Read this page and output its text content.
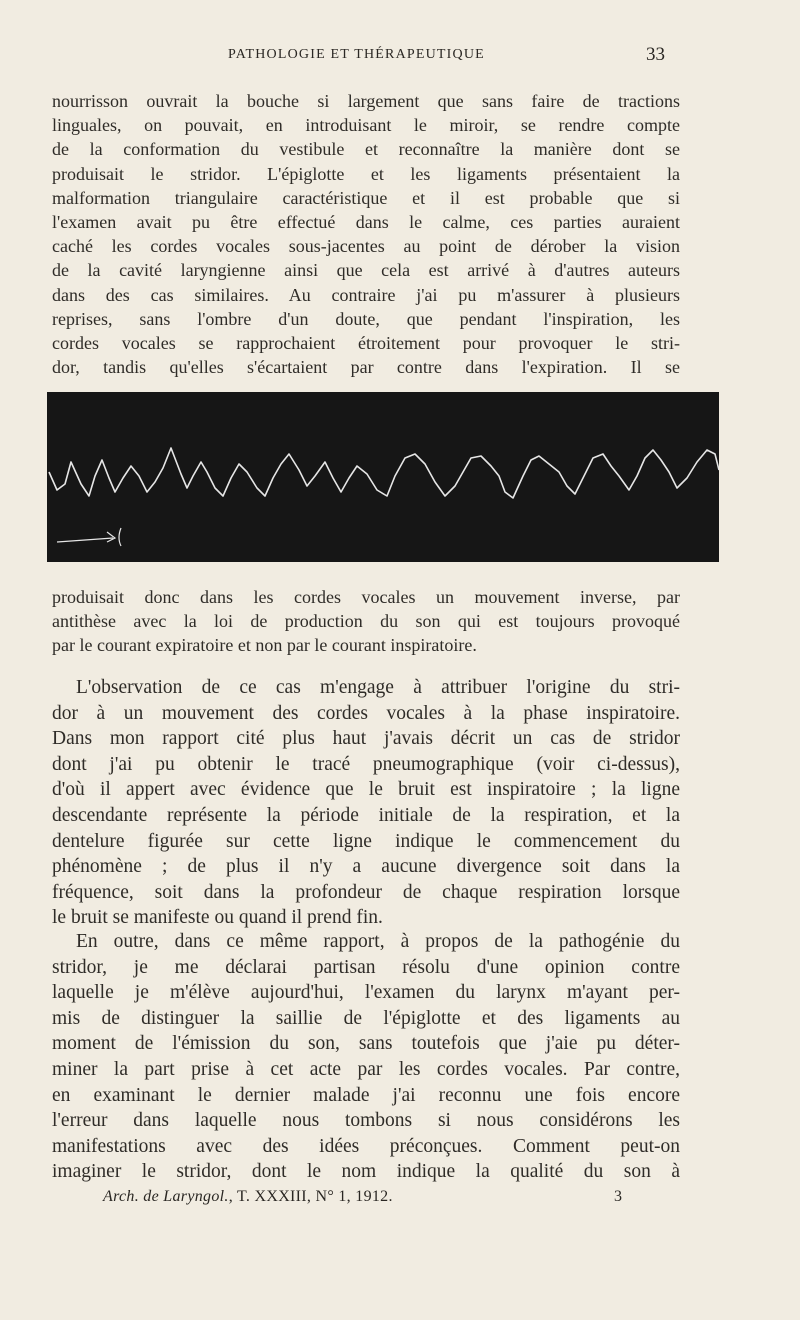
PATHOLOGIE ET THÉRAPEUTIQUE	33
nourrisson ouvrait la bouche si largement que sans faire de tractions
linguales, on pouvait, en introduisant le miroir, se rendre compte
de la conformation du vestibule et reconnaître la manière dont se
produisait le stridor. L'épiglotte et les ligaments présentaient la
malformation triangulaire caractéristique et il est probable que si
l'examen avait pu être effectué dans le calme, ces parties auraient
caché les cordes vocales sous-jacentes au point de dérober la vision
de la cavité laryngienne ainsi que cela est arrivé à d'autres auteurs
dans des cas similaires. Au contraire j'ai pu m'assurer à plusieurs
reprises, sans l'ombre d'un doute, que pendant l'inspiration, les
cordes vocales se rapprochaient étroitement pour provoquer le stri-
dor, tandis qu'elles s'écartaient par contre dans l'expiration. Il se
produisait donc dans les cordes vocales un mouvement inverse, par
antithèse avec la loi de production du son qui est toujours provoqué
par le courant expiratoire et non par le courant inspiratoire.
L'observation de ce cas m'engage à attribuer l'origine du stri-
dor à un mouvement des cordes vocales à la phase inspiratoire.
Dans mon rapport cité plus haut j'avais décrit un cas de stridor
dont j'ai pu obtenir le tracé pneumographique (voir ci-dessus),
d'où il appert avec évidence que le bruit est inspiratoire ; la ligne
descendante représente la période initiale de la respiration, et la
dentelure figurée sur cette ligne indique le commencement du
phénomène ; de plus il n'y a aucune divergence soit dans la
fréquence, soit dans la profondeur de chaque respiration lorsque
le bruit se manifeste ou quand il prend fin.
En outre, dans ce même rapport, à propos de la pathogénie du
stridor, je me déclarai partisan résolu d'une opinion contre
laquelle je m'élève aujourd'hui, l'examen du larynx m'ayant per-
mis de distinguer la saillie de l'épiglotte et des ligaments au
moment de l'émission du son, sans toutefois que j'aie pu déter-
miner la part prise à cet acte par les cordes vocales. Par contre,
en examinant le dernier malade j'ai reconnu une fois encore
l'erreur dans laquelle nous tombons si nous considérons les
manifestations avec des idées préconçues. Comment peut-on
imaginer le stridor, dont le nom indique la qualité du son à
Arch. de Laryngol., T. XXXIII, N° 1, 1912.	3
